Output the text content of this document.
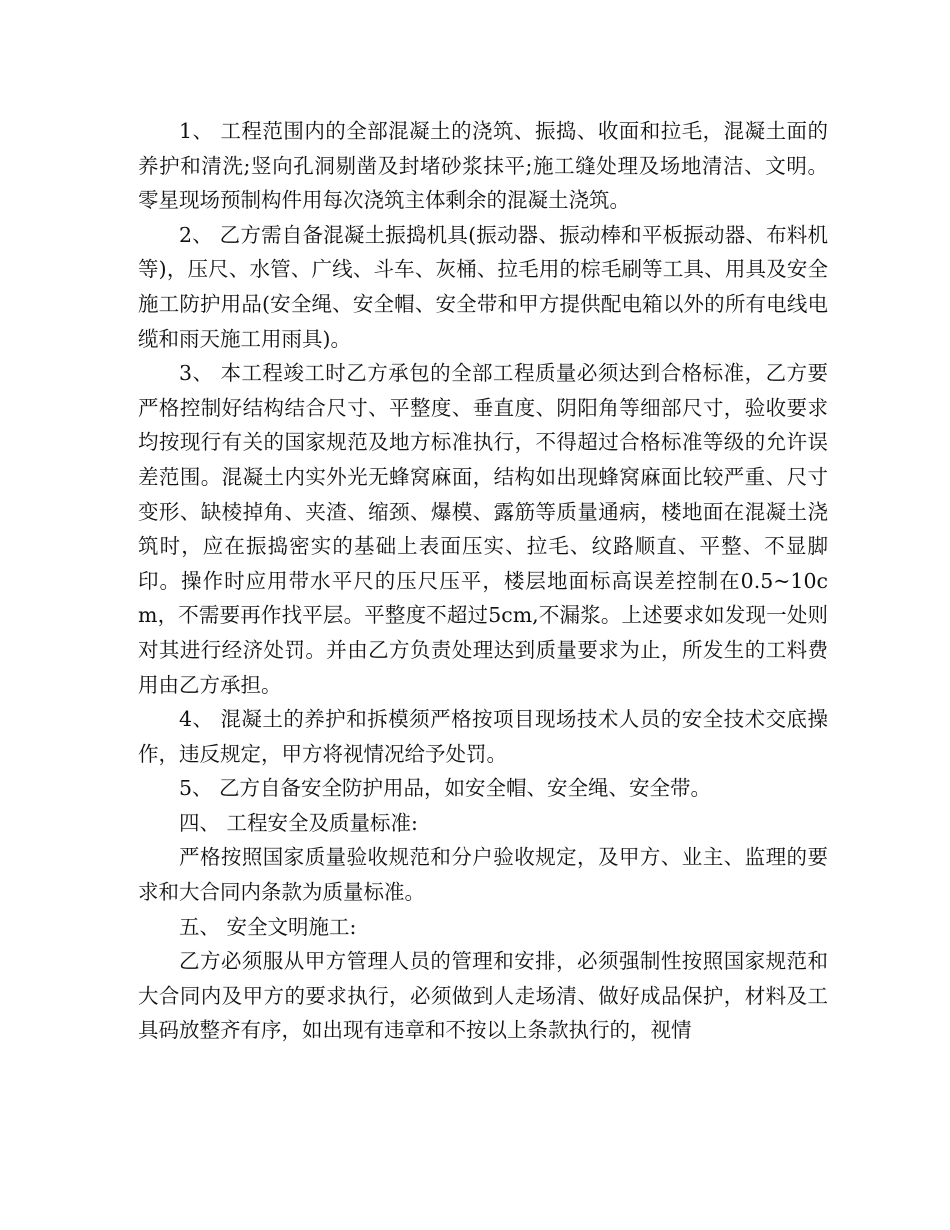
1、 工程范围内的全部混凝土的浇筑、振捣、收面和拉毛，混凝土面的养护和清洗;竖向孔洞剔凿及封堵砂浆抹平;施工缝处理及场地清洁、文明。零星现场预制构件用每次浇筑主体剩余的混凝土浇筑。

2、 乙方需自备混凝土振捣机具(振动器、振动棒和平板振动器、布料机等)，压尺、水管、广线、斗车、灰桶、拉毛用的棕毛刷等工具、用具及安全施工防护用品(安全绳、安全帽、安全带和甲方提供配电箱以外的所有电线电缆和雨天施工用雨具)。

3、 本工程竣工时乙方承包的全部工程质量必须达到合格标准，乙方要严格控制好结构结合尺寸、平整度、垂直度、阴阳角等细部尺寸，验收要求均按现行有关的国家规范及地方标准执行，不得超过合格标准等级的允许误差范围。混凝土内实外光无蜂窝麻面，结构如出现蜂窝麻面比较严重、尺寸变形、缺棱掉角、夹渣、缩颈、爆模、露筋等质量通病，楼地面在混凝土浇筑时，应在振捣密实的基础上表面压实、拉毛、纹路顺直、平整、不显脚印。操作时应用带水平尺的压尺压平，楼层地面标高误差控制在0.5~10cm，不需要再作找平层。平整度不超过5cm,不漏浆。上述要求如发现一处则对其进行经济处罚。并由乙方负责处理达到质量要求为止，所发生的工料费用由乙方承担。

4、 混凝土的养护和拆模须严格按项目现场技术人员的安全技术交底操作，违反规定，甲方将视情况给予处罚。

5、 乙方自备安全防护用品，如安全帽、安全绳、安全带。

四、 工程安全及质量标准:

严格按照国家质量验收规范和分户验收规定，及甲方、业主、监理的要求和大合同内条款为质量标准。

五、 安全文明施工:

乙方必须服从甲方管理人员的管理和安排，必须强制性按照国家规范和大合同内及甲方的要求执行，必须做到人走场清、做好成品保护，材料及工具码放整齐有序，如出现有违章和不按以上条款执行的，视情
